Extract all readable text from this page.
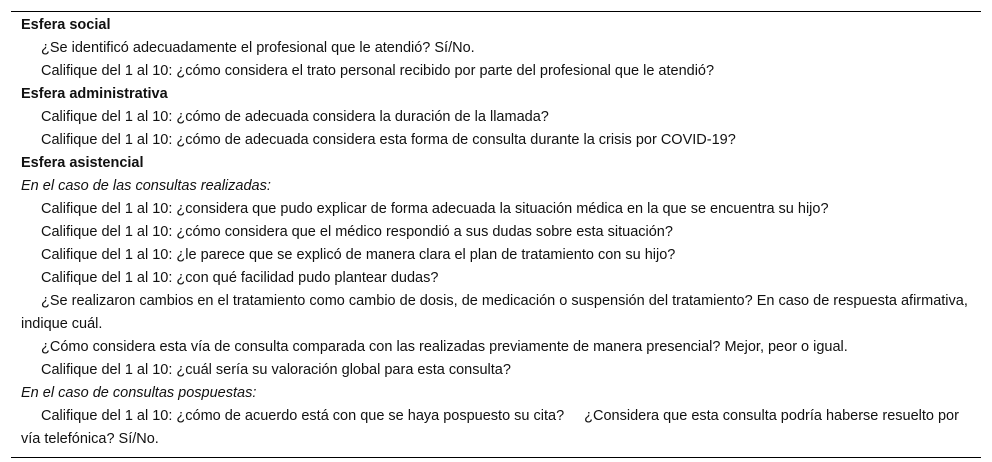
Esfera social
¿Se identificó adecuadamente el profesional que le atendió? Sí/No.
Califique del 1 al 10: ¿cómo considera el trato personal recibido por parte del profesional que le atendió?
Esfera administrativa
Califique del 1 al 10: ¿cómo de adecuada considera la duración de la llamada?
Califique del 1 al 10: ¿cómo de adecuada considera esta forma de consulta durante la crisis por COVID-19?
Esfera asistencial
En el caso de las consultas realizadas:
Califique del 1 al 10: ¿considera que pudo explicar de forma adecuada la situación médica en la que se encuentra su hijo?
Califique del 1 al 10: ¿cómo considera que el médico respondió a sus dudas sobre esta situación?
Califique del 1 al 10: ¿le parece que se explicó de manera clara el plan de tratamiento con su hijo?
Califique del 1 al 10: ¿con qué facilidad pudo plantear dudas?
¿Se realizaron cambios en el tratamiento como cambio de dosis, de medicación o suspensión del tratamiento? En caso de respuesta afirmativa, indique cuál.
¿Cómo considera esta vía de consulta comparada con las realizadas previamente de manera presencial? Mejor, peor o igual.
Califique del 1 al 10: ¿cuál sería su valoración global para esta consulta?
En el caso de consultas pospuestas:
Califique del 1 al 10: ¿cómo de acuerdo está con que se haya pospuesto su cita? ¿Considera que esta consulta podría haberse resuelto por vía telefónica? Sí/No.
